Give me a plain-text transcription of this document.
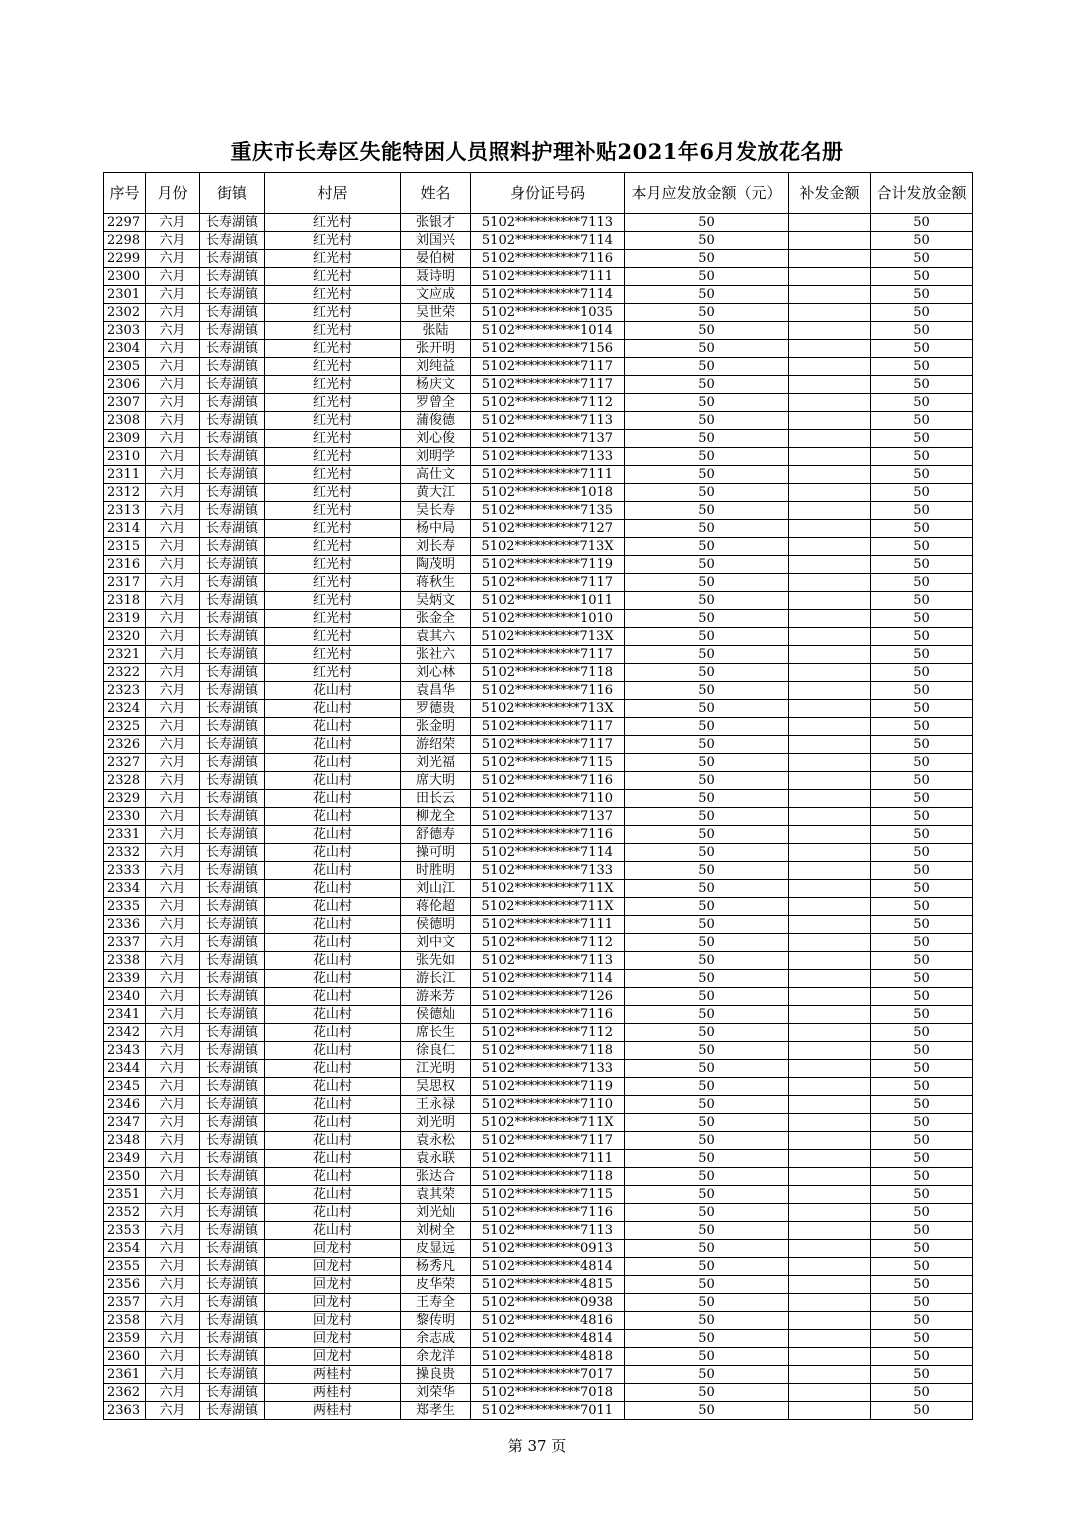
重庆市长寿区失能特困人员照料护理补贴2021年6月发放花名册
序号	月份	街镇	村居	姓名	身份证号码	本月应发放金额（元）	补发金额	合计发放金额
2297	六月	长寿湖镇	红光村	张银才	5102**********7113	50		50
2298	六月	长寿湖镇	红光村	刘国兴	5102**********7114	50		50
2299	六月	长寿湖镇	红光村	晏伯树	5102**********7116	50		50
2300	六月	长寿湖镇	红光村	聂诗明	5102**********7111	50		50
2301	六月	长寿湖镇	红光村	文应成	5102**********7114	50		50
2302	六月	长寿湖镇	红光村	吴世荣	5102**********1035	50		50
2303	六月	长寿湖镇	红光村	张陆	5102**********1014	50		50
2304	六月	长寿湖镇	红光村	张开明	5102**********7156	50		50
2305	六月	长寿湖镇	红光村	刘纯益	5102**********7117	50		50
2306	六月	长寿湖镇	红光村	杨庆文	5102**********7117	50		50
2307	六月	长寿湖镇	红光村	罗曾全	5102**********7112	50		50
2308	六月	长寿湖镇	红光村	蒲俊德	5102**********7113	50		50
2309	六月	长寿湖镇	红光村	刘心俊	5102**********7137	50		50
2310	六月	长寿湖镇	红光村	刘明学	5102**********7133	50		50
2311	六月	长寿湖镇	红光村	高仕文	5102**********7111	50		50
2312	六月	长寿湖镇	红光村	黄大江	5102**********1018	50		50
2313	六月	长寿湖镇	红光村	吴长寿	5102**********7135	50		50
2314	六月	长寿湖镇	红光村	杨中局	5102**********7127	50		50
2315	六月	长寿湖镇	红光村	刘长寿	5102**********713X	50		50
2316	六月	长寿湖镇	红光村	陶茂明	5102**********7119	50		50
2317	六月	长寿湖镇	红光村	蒋秋生	5102**********7117	50		50
2318	六月	长寿湖镇	红光村	吴炳文	5102**********1011	50		50
2319	六月	长寿湖镇	红光村	张金全	5102**********1010	50		50
2320	六月	长寿湖镇	红光村	袁其六	5102**********713X	50		50
2321	六月	长寿湖镇	红光村	张社六	5102**********7117	50		50
2322	六月	长寿湖镇	红光村	刘心林	5102**********7118	50		50
2323	六月	长寿湖镇	花山村	袁昌华	5102**********7116	50		50
2324	六月	长寿湖镇	花山村	罗德贵	5102**********713X	50		50
2325	六月	长寿湖镇	花山村	张金明	5102**********7117	50		50
2326	六月	长寿湖镇	花山村	游绍荣	5102**********7117	50		50
2327	六月	长寿湖镇	花山村	刘光福	5102**********7115	50		50
2328	六月	长寿湖镇	花山村	席大明	5102**********7116	50		50
2329	六月	长寿湖镇	花山村	田长云	5102**********7110	50		50
2330	六月	长寿湖镇	花山村	柳龙全	5102**********7137	50		50
2331	六月	长寿湖镇	花山村	舒德寿	5102**********7116	50		50
2332	六月	长寿湖镇	花山村	操可明	5102**********7114	50		50
2333	六月	长寿湖镇	花山村	时胜明	5102**********7133	50		50
2334	六月	长寿湖镇	花山村	刘山江	5102**********711X	50		50
2335	六月	长寿湖镇	花山村	蒋伦超	5102**********711X	50		50
2336	六月	长寿湖镇	花山村	侯德明	5102**********7111	50		50
2337	六月	长寿湖镇	花山村	刘中文	5102**********7112	50		50
2338	六月	长寿湖镇	花山村	张先如	5102**********7113	50		50
2339	六月	长寿湖镇	花山村	游长江	5102**********7114	50		50
2340	六月	长寿湖镇	花山村	游来芳	5102**********7126	50		50
2341	六月	长寿湖镇	花山村	侯德灿	5102**********7116	50		50
2342	六月	长寿湖镇	花山村	席长生	5102**********7112	50		50
2343	六月	长寿湖镇	花山村	徐良仁	5102**********7118	50		50
2344	六月	长寿湖镇	花山村	江光明	5102**********7133	50		50
2345	六月	长寿湖镇	花山村	吴思权	5102**********7119	50		50
2346	六月	长寿湖镇	花山村	王永禄	5102**********7110	50		50
2347	六月	长寿湖镇	花山村	刘光明	5102**********711X	50		50
2348	六月	长寿湖镇	花山村	袁永松	5102**********7117	50		50
2349	六月	长寿湖镇	花山村	袁永联	5102**********7111	50		50
2350	六月	长寿湖镇	花山村	张达合	5102**********7118	50		50
2351	六月	长寿湖镇	花山村	袁其荣	5102**********7115	50		50
2352	六月	长寿湖镇	花山村	刘光灿	5102**********7116	50		50
2353	六月	长寿湖镇	花山村	刘树全	5102**********7113	50		50
2354	六月	长寿湖镇	回龙村	皮显远	5102**********0913	50		50
2355	六月	长寿湖镇	回龙村	杨秀凡	5102**********4814	50		50
2356	六月	长寿湖镇	回龙村	皮华荣	5102**********4815	50		50
2357	六月	长寿湖镇	回龙村	王寿全	5102**********0938	50		50
2358	六月	长寿湖镇	回龙村	黎传明	5102**********4816	50		50
2359	六月	长寿湖镇	回龙村	余志成	5102**********4814	50		50
2360	六月	长寿湖镇	回龙村	余龙洋	5102**********4818	50		50
2361	六月	长寿湖镇	两桂村	操良贵	5102**********7017	50		50
2362	六月	长寿湖镇	两桂村	刘荣华	5102**********7018	50		50
2363	六月	长寿湖镇	两桂村	郑孝生	5102**********7011	50		50
第 37 页
